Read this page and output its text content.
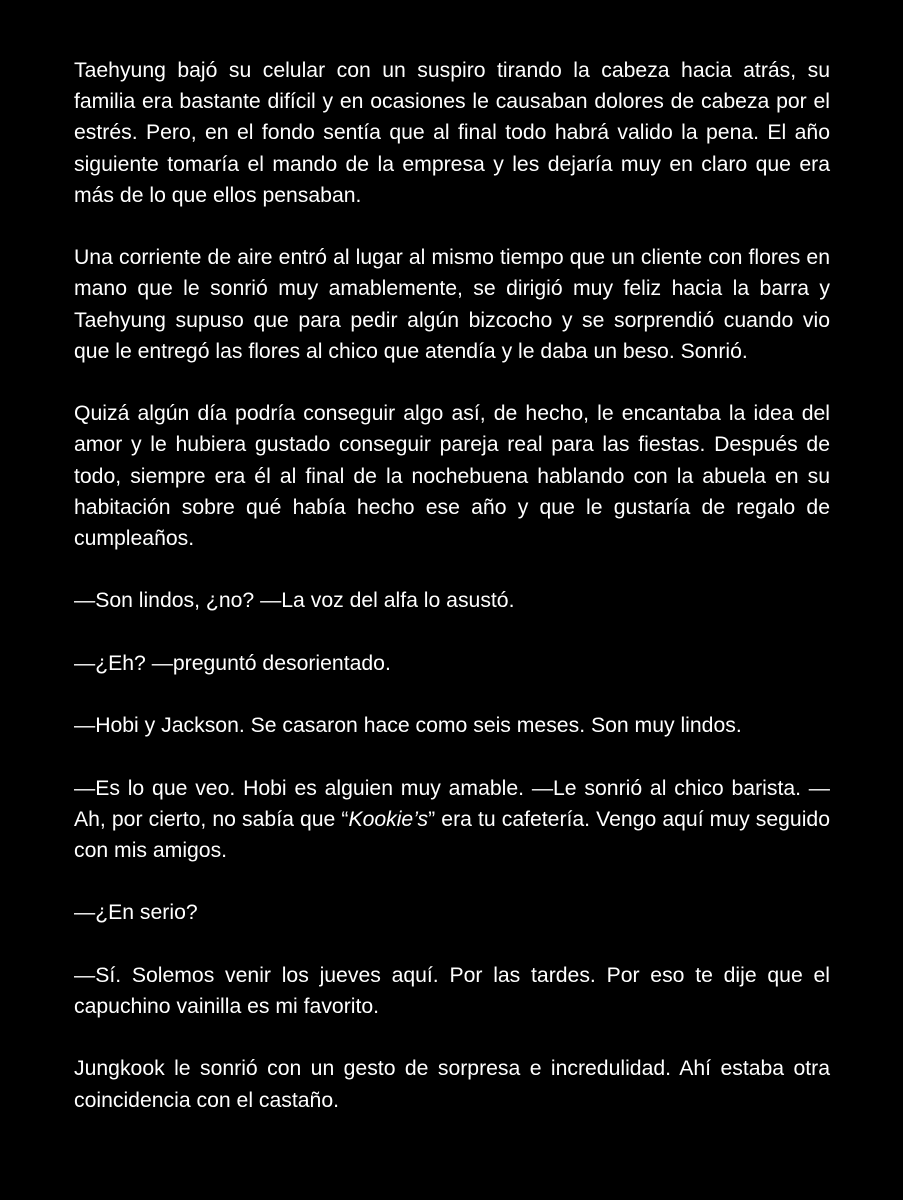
Taehyung bajó su celular con un suspiro tirando la cabeza hacia atrás, su familia era bastante difícil y en ocasiones le causaban dolores de cabeza por el estrés. Pero, en el fondo sentía que al final todo habrá valido la pena. El año siguiente tomaría el mando de la empresa y les dejaría muy en claro que era más de lo que ellos pensaban.

Una corriente de aire entró al lugar al mismo tiempo que un cliente con flores en mano que le sonrió muy amablemente, se dirigió muy feliz hacia la barra y Taehyung supuso que para pedir algún bizcocho y se sorprendió cuando vio que le entregó las flores al chico que atendía y le daba un beso. Sonrió.

Quizá algún día podría conseguir algo así, de hecho, le encantaba la idea del amor y le hubiera gustado conseguir pareja real para las fiestas. Después de todo, siempre era él al final de la nochebuena hablando con la abuela en su habitación sobre qué había hecho ese año y que le gustaría de regalo de cumpleaños.

—Son lindos, ¿no? —La voz del alfa lo asustó.

—¿Eh? —preguntó desorientado.

—Hobi y Jackson. Se casaron hace como seis meses. Son muy lindos.

—Es lo que veo. Hobi es alguien muy amable. —Le sonrió al chico barista. —Ah, por cierto, no sabía que “Kookie’s” era tu cafetería. Vengo aquí muy seguido con mis amigos.

—¿En serio?

—Sí. Solemos venir los jueves aquí. Por las tardes. Por eso te dije que el capuchino vainilla es mi favorito.

Jungkook le sonrió con un gesto de sorpresa e incredulidad. Ahí estaba otra coincidencia con el castaño.
